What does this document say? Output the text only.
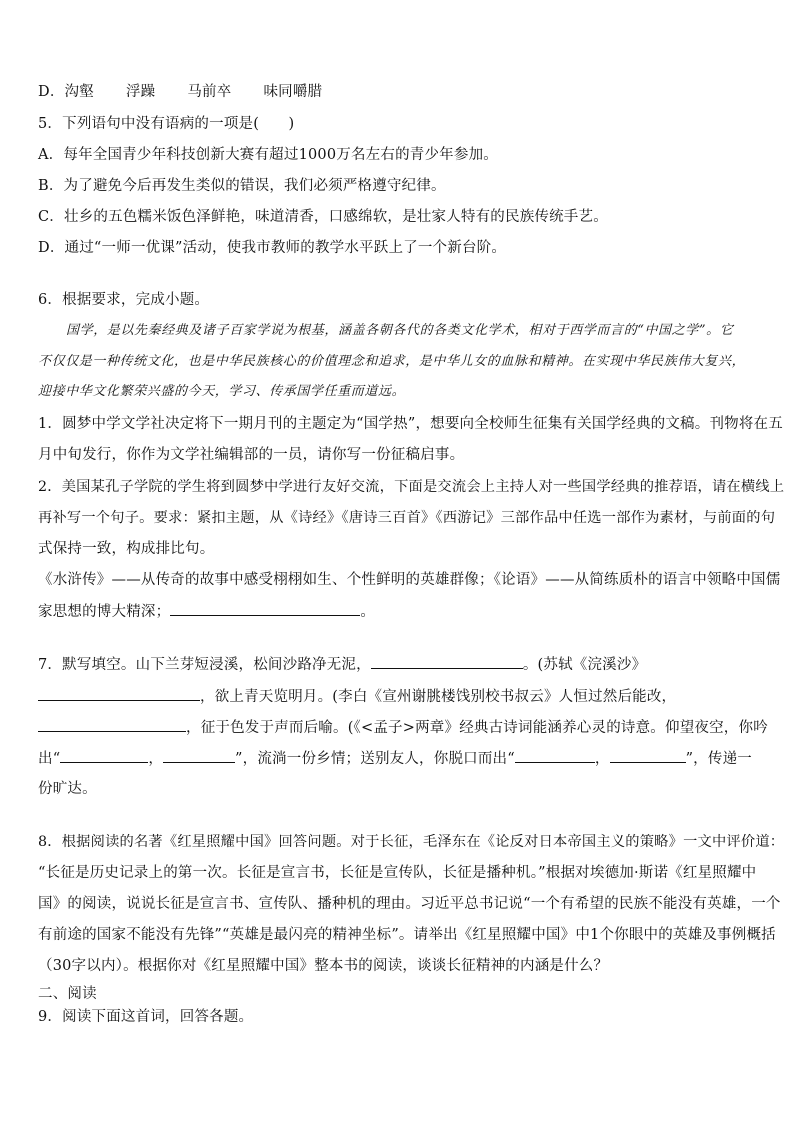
D．沟壑 浮躁 马前卒 味同嚼腊
5．下列语句中没有语病的一项是(　　)
A．每年全国青少年科技创新大赛有超过1000万名左右的青少年参加。
B．为了避免今后再发生类似的错误，我们必须严格遵守纪律。
C．壮乡的五色糯米饭色泽鲜艳，味道清香，口感绵软，是壮家人特有的民族传统手艺。
D．通过“一师一优课”活动，使我市教师的教学水平跃上了一个新台阶。
6．根据要求，完成小题。
国学，是以先秦经典及诸子百家学说为根基，涵盖各朝各代的各类文化学术，相对于西学而言的“中国之学”。它
不仅仅是一种传统文化，也是中华民族核心的价值理念和追求，是中华儿女的血脉和精神。在实现中华民族伟大复兴，
迎接中华文化繁荣兴盛的今天，学习、传承国学任重而道远。
1．圆梦中学文学社决定将下一期月刊的主题定为“国学热”，想要向全校师生征集有关国学经典的文稿。刊物将在五
月中旬发行，你作为文学社编辑部的一员，请你写一份征稿启事。
2．美国某孔子学院的学生将到圆梦中学进行友好交流，下面是交流会上主持人对一些国学经典的推荐语，请在横线上
再补写一个句子。要求：紧扣主题，从《诗经》《唐诗三百首》《西游记》三部作品中任选一部作为素材，与前面的句
式保持一致，构成排比句。
《水浒传》——从传奇的故事中感受栩栩如生、个性鲜明的英雄群像；《论语》——从简练质朴的语言中领略中国儒
家思想的博大精深；	。
7．默写填空。山下兰芽短浸溪，松间沙路净无泥，	。(苏轼《浣溪沙》
，欲上青天览明月。(李白《宣州谢朓楼饯别校书叔云》人恒过然后能改，
，征于色发于声而后喻。(《<孟子>两章》经典古诗词能涵养心灵的诗意。仰望夜空，你吟
出“	，	”，流淌一份乡情；送别友人，你脱口而出“	，	”，传递一
份旷达。
8．根据阅读的名著《红星照耀中国》回答问题。对于长征，毛泽东在《论反对日本帝国主义的策略》一文中评价道：
“长征是历史记录上的第一次。长征是宣言书，长征是宣传队，长征是播种机。”根据对埃德加·斯诺《红星照耀中
国》的阅读，说说长征是宣言书、宣传队、播种机的理由。习近平总书记说“一个有希望的民族不能没有英雄，一个
有前途的国家不能没有先锋”“英雄是最闪亮的精神坐标”。请举出《红星照耀中国》中1个你眼中的英雄及事例概括
（30字以内）。根据你对《红星照耀中国》整本书的阅读，谈谈长征精神的内涵是什么？
二、阅读
9．阅读下面这首词，回答各题。
